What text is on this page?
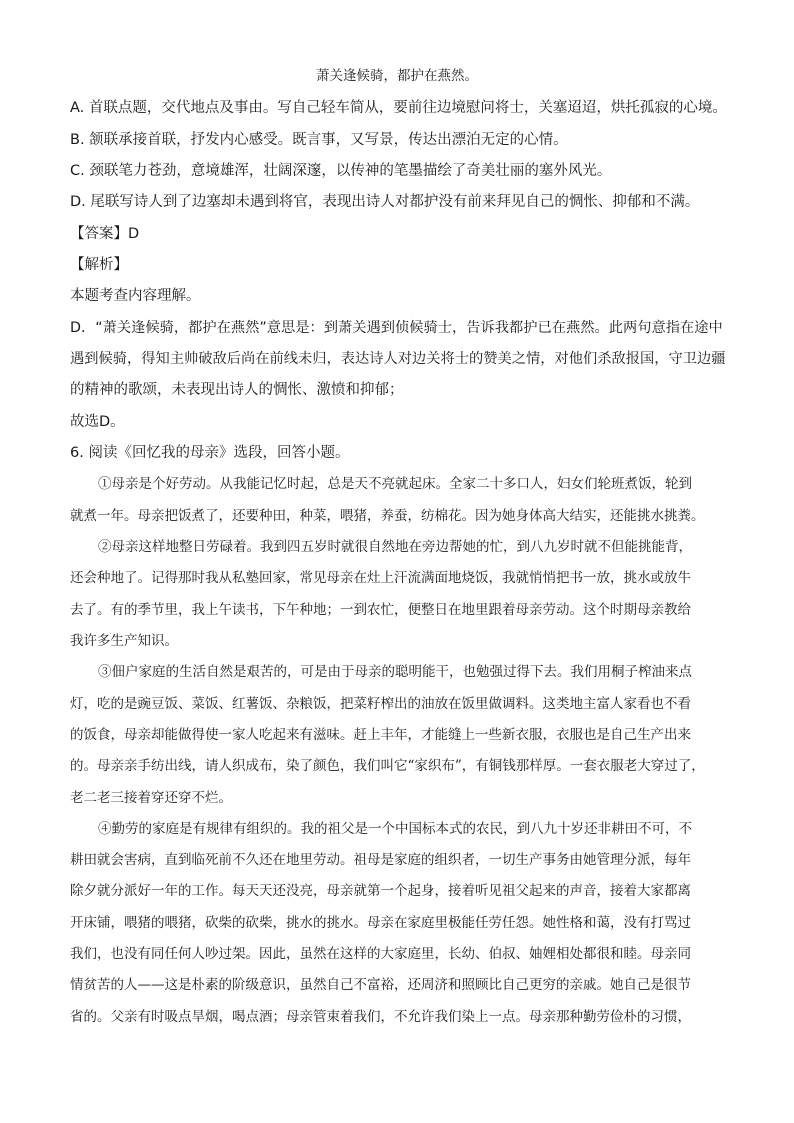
萧关逢候骑，都护在燕然。
A. 首联点题，交代地点及事由。写自己轻车简从，要前往边境慰问将士，关塞迢迢，烘托孤寂的心境。
B. 颔联承接首联，抒发内心感受。既言事，又写景，传达出漂泊无定的心情。
C. 颈联笔力苍劲，意境雄浑，壮阔深邃，以传神的笔墨描绘了奇美壮丽的塞外风光。
D. 尾联写诗人到了边塞却未遇到将官，表现出诗人对都护没有前来拜见自己的惆怅、抑郁和不满。
【答案】D
【解析】
本题考查内容理解。
D．“萧关逢候骑，都护在燕然”意思是：到萧关遇到侦候骑士，告诉我都护已在燕然。此两句意指在途中
遇到候骑，得知主帅破敌后尚在前线未归，表达诗人对边关将士的赞美之情，对他们杀敌报国，守卫边疆
的精神的歌颂，未表现出诗人的惆怅、激愤和抑郁；
故选D。
6. 阅读《回忆我的母亲》选段，回答小题。
①母亲是个好劳动。从我能记忆时起，总是天不亮就起床。全家二十多口人，妇女们轮班煮饭，轮到
就煮一年。母亲把饭煮了，还要种田，种菜，喂猪，养蚕，纺棉花。因为她身体高大结实，还能挑水挑粪。
②母亲这样地整日劳碌着。我到四五岁时就很自然地在旁边帮她的忙，到八九岁时就不但能挑能背，
还会种地了。记得那时我从私塾回家，常见母亲在灶上汗流满面地烧饭，我就悄悄把书一放，挑水或放牛
去了。有的季节里，我上午读书，下午种地；一到农忙，便整日在地里跟着母亲劳动。这个时期母亲教给
我许多生产知识。
③佃户家庭的生活自然是艰苦的，可是由于母亲的聪明能干，也勉强过得下去。我们用桐子榨油来点
灯，吃的是豌豆饭、菜饭、红薯饭、杂粮饭，把菜籽榨出的油放在饭里做调料。这类地主富人家看也不看
的饭食，母亲却能做得使一家人吃起来有滋味。赶上丰年，才能缝上一些新衣服，衣服也是自己生产出来
的。母亲亲手纺出线，请人织成布，染了颜色，我们叫它“家织布”，有铜钱那样厚。一套衣服老大穿过了，
老二老三接着穿还穿不烂。
④勤劳的家庭是有规律有组织的。我的祖父是一个中国标本式的农民，到八九十岁还非耕田不可，不
耕田就会害病，直到临死前不久还在地里劳动。祖母是家庭的组织者，一切生产事务由她管理分派，每年
除夕就分派好一年的工作。每天天还没亮，母亲就第一个起身，接着听见祖父起来的声音，接着大家都离
开床铺，喂猪的喂猪，砍柴的砍柴，挑水的挑水。母亲在家庭里极能任劳任怨。她性格和蔼，没有打骂过
我们，也没有同任何人吵过架。因此，虽然在这样的大家庭里，长幼、伯叔、妯娌相处都很和睦。母亲同
情贫苦的人——这是朴素的阶级意识，虽然自己不富裕，还周济和照顾比自己更穷的亲戚。她自己是很节
省的。父亲有时吸点旱烟，喝点酒；母亲管束着我们，不允许我们染上一点。母亲那种勤劳俭朴的习惯，
